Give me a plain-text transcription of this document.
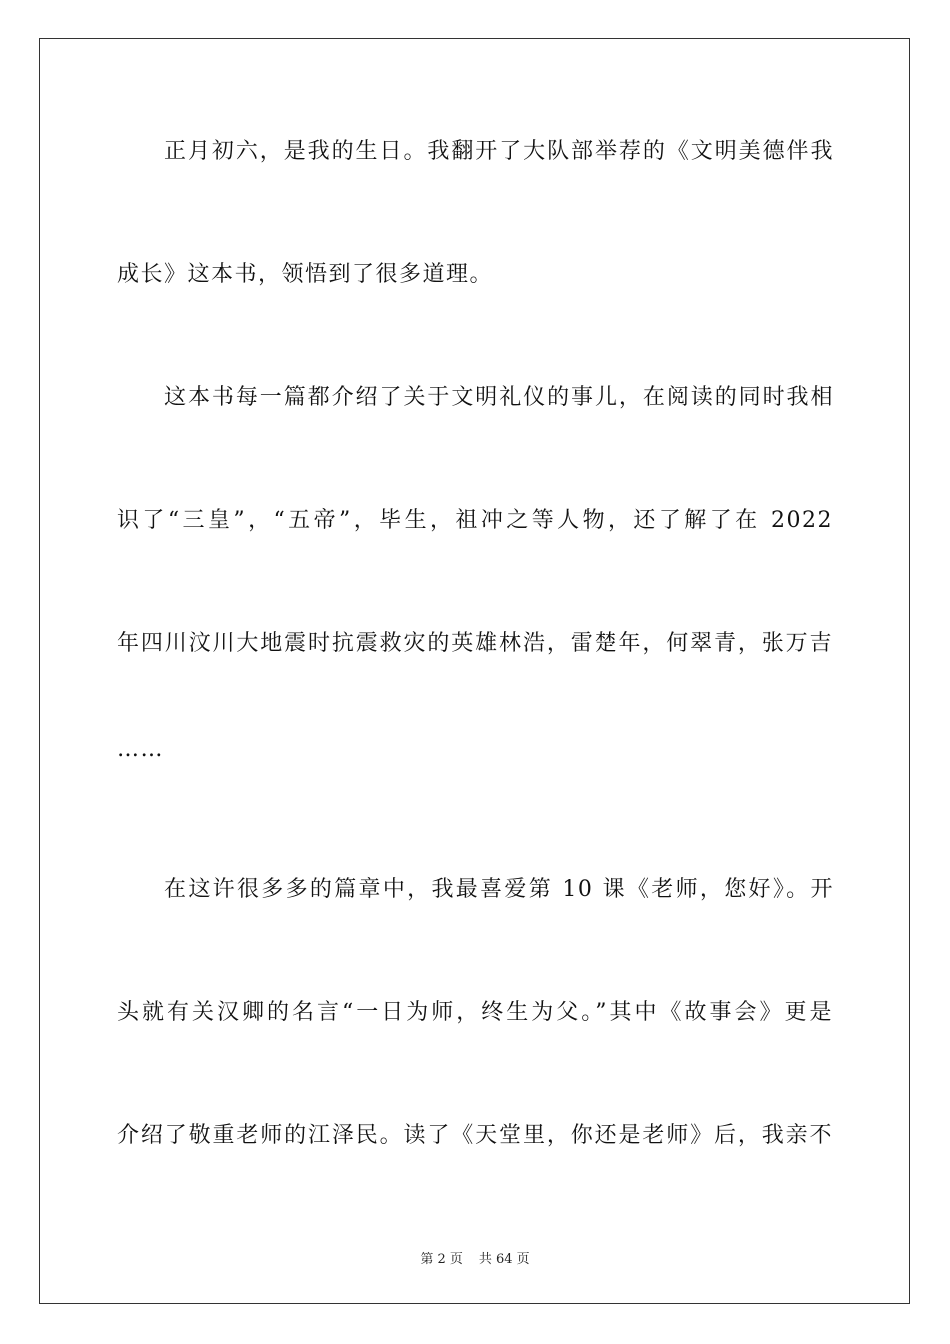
正月初六，是我的生日。我翻开了大队部举荐的《文明美德伴我
成长》这本书，领悟到了很多道理。
这本书每一篇都介绍了关于文明礼仪的事儿，在阅读的同时我相
识了“三皇”，“五帝”，毕生，祖冲之等人物，还了解了在 2022
年四川汶川大地震时抗震救灾的英雄林浩，雷楚年，何翠青，张万吉
……
在这许很多多的篇章中，我最喜爱第 10 课《老师，您好》。开
头就有关汉卿的名言“一日为师，终生为父。”其中《故事会》更是
介绍了敬重老师的江泽民。读了《天堂里，你还是老师》后，我亲不
第 2 页 共 64 页
